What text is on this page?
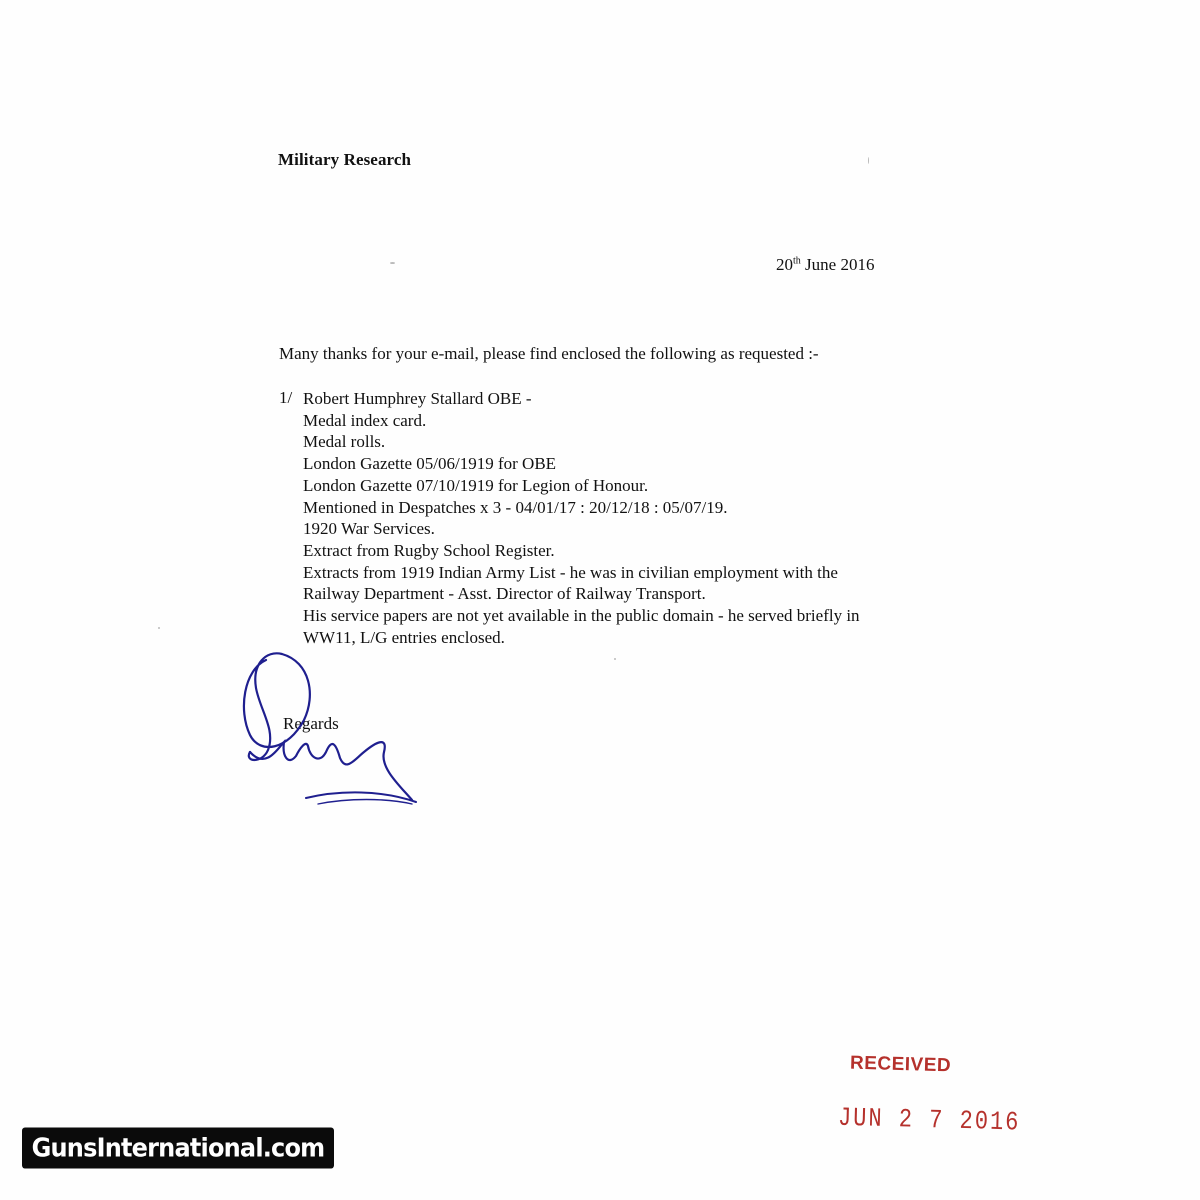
Military Research
20th June 2016
Many thanks for your e-mail, please find enclosed the following as requested :-
1/ Robert Humphrey Stallard OBE -
Medal index card.
Medal rolls.
London Gazette 05/06/1919 for OBE
London Gazette 07/10/1919 for Legion of Honour.
Mentioned in Despatches x 3 - 04/01/17 : 20/12/18 : 05/07/19.
1920 War Services.
Extract from Rugby School Register.
Extracts from 1919 Indian Army List - he was in civilian employment with the
Railway Department - Asst. Director of Railway Transport.
His service papers are not yet available in the public domain - he served briefly in
WW11, L/G entries enclosed.
Regards
RECEIVED
JUN 2 7 2016
GunsInternational.com
